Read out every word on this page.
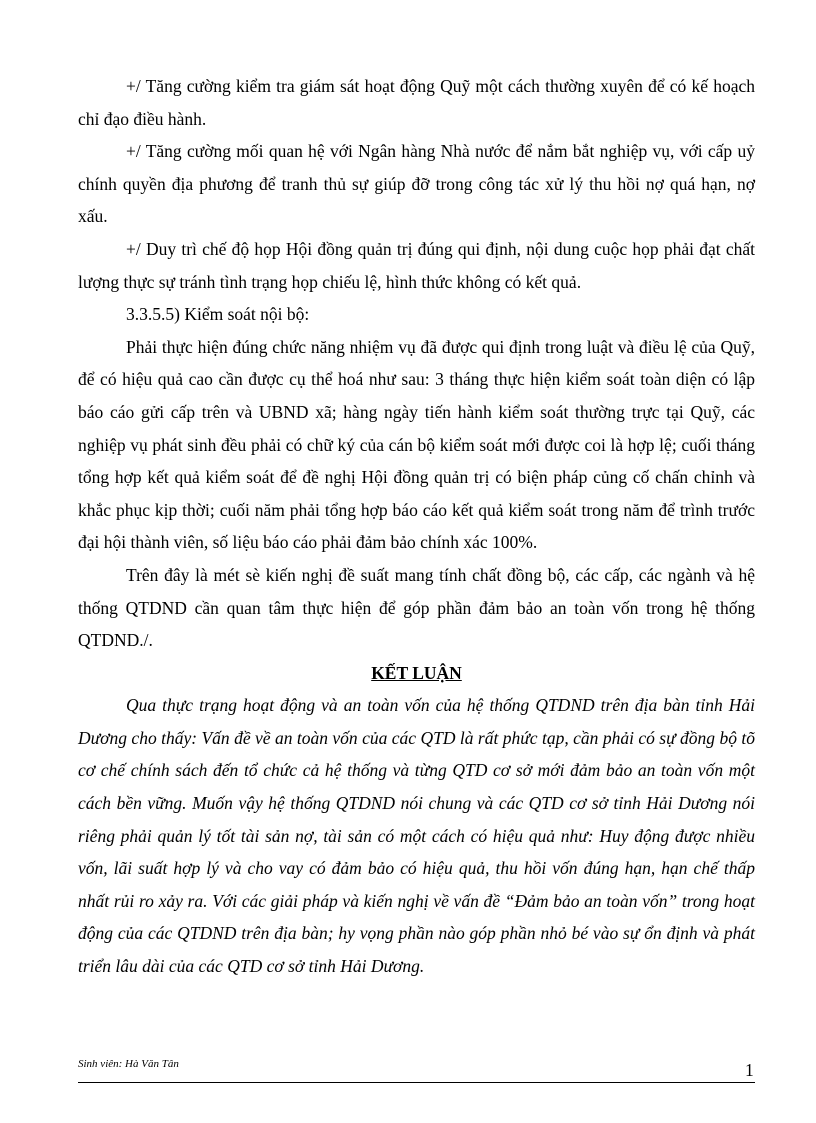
+/ Tăng cường kiểm tra giám sát hoạt động Quỹ một cách thường xuyên để có kế hoạch chỉ đạo điều hành.

+/ Tăng cường mối quan hệ với Ngân hàng Nhà nước để nắm bắt nghiệp vụ, với cấp uỷ chính quyền địa phương để tranh thủ sự giúp đỡ trong công tác xử lý thu hồi nợ quá hạn, nợ xấu.

+/ Duy trì chế độ họp Hội đồng quản trị đúng qui định, nội dung cuộc họp phải đạt chất lượng thực sự tránh tình trạng họp chiếu lệ, hình thức không có kết quả.

3.3.5.5) Kiểm soát nội bộ:

Phải thực hiện đúng chức năng nhiệm vụ đã được qui định trong luật và điều lệ của Quỹ, để có hiệu quả cao cần được cụ thể hoá như sau: 3 tháng thực hiện kiểm soát toàn diện có lập báo cáo gửi cấp trên và UBND xã; hàng ngày tiến hành kiểm soát thường trực tại Quỹ, các nghiệp vụ phát sinh đều phải có chữ ký của cán bộ kiểm soát mới được coi là hợp lệ; cuối tháng tổng hợp kết quả kiểm soát để đề nghị Hội đồng quản trị có biện pháp củng cố chấn chỉnh và khắc phục kịp thời; cuối năm phải tổng hợp báo cáo kết quả kiểm soát trong năm để trình trước đại hội thành viên, số liệu báo cáo phải đảm bảo chính xác 100%.

Trên đây là mét sè kiến nghị đề suất mang tính chất đồng bộ, các cấp, các ngành và hệ thống QTDND cần quan tâm thực hiện để góp phần đảm bảo an toàn vốn trong hệ thống QTDND./.

KẾT LUẬN

Qua thực trạng hoạt động và an toàn vốn của hệ thống QTDND trên địa bàn tỉnh Hải Dương cho thấy: Vấn đề về an toàn vốn của các QTD là rất phức tạp, cần phải có sự đồng bộ tõ cơ chế chính sách đến tổ chức cả hệ thống và từng QTD cơ sở mới đảm bảo an toàn vốn một cách bền vững. Muốn vậy hệ thống QTDND nói chung và các QTD cơ sở tỉnh Hải Dương nói riêng phải quản lý tốt tài sản nợ, tài sản có một cách có hiệu quả như: Huy động được nhiều vốn, lãi suất hợp lý và cho vay có đảm bảo có hiệu quả, thu hồi vốn đúng hạn, hạn chế thấp nhất rủi ro xảy ra. Với các giải pháp và kiến nghị về vấn đề “Đảm bảo an toàn vốn” trong hoạt động của các QTDND trên địa bàn; hy vọng phần nào góp phần nhỏ bé vào sự ổn định và phát triển lâu dài của các QTD cơ sở tỉnh Hải Dương.

Sinh viên: Hà Văn Tân	1
